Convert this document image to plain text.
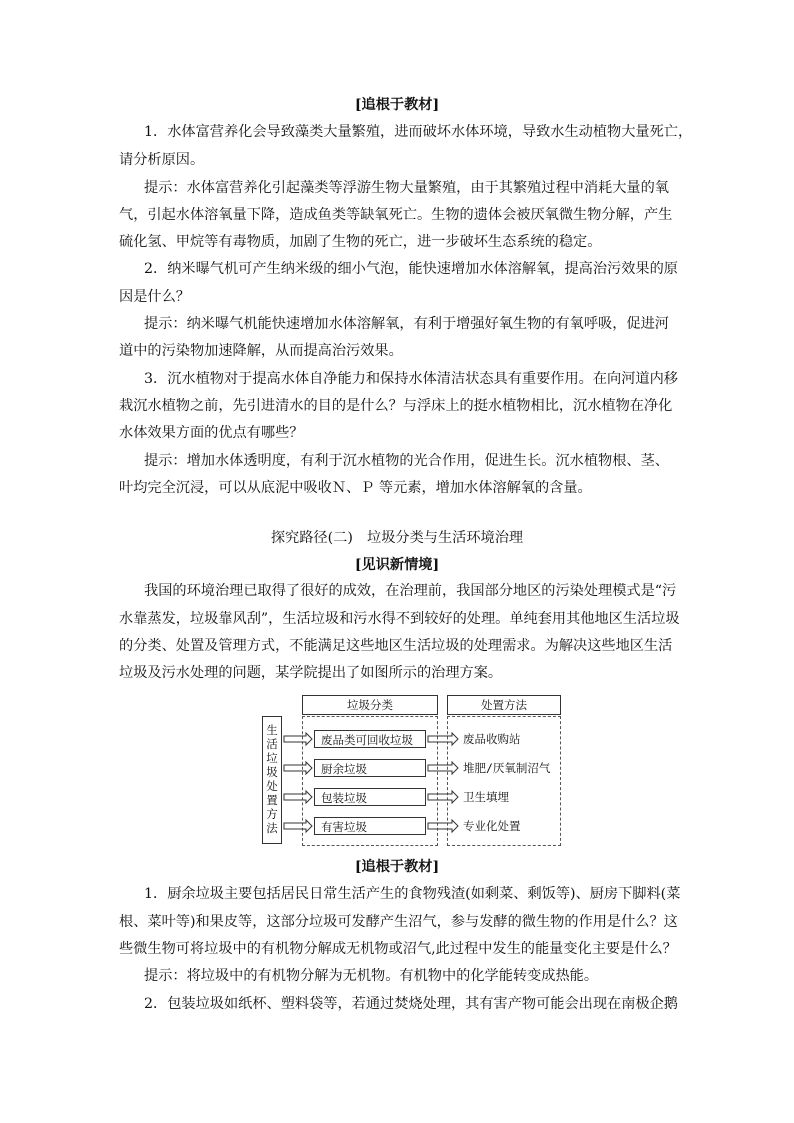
[追根于教材]
1．水体富营养化会导致藻类大量繁殖，进而破坏水体环境，导致水生动植物大量死亡，
请分析原因。
提示：水体富营养化引起藻类等浮游生物大量繁殖，由于其繁殖过程中消耗大量的氧
气，引起水体溶氧量下降，造成鱼类等缺氧死亡。生物的遗体会被厌氧微生物分解，产生
硫化氢、甲烷等有毒物质，加剧了生物的死亡，进一步破坏生态系统的稳定。
2．纳米曝气机可产生纳米级的细小气泡，能快速增加水体溶解氧，提高治污效果的原
因是什么？
提示：纳米曝气机能快速增加水体溶解氧，有利于增强好氧生物的有氧呼吸，促进河
道中的污染物加速降解，从而提高治污效果。
3．沉水植物对于提高水体自净能力和保持水体清洁状态具有重要作用。在向河道内移
栽沉水植物之前，先引进清水的目的是什么？与浮床上的挺水植物相比，沉水植物在净化
水体效果方面的优点有哪些？
提示：增加水体透明度，有利于沉水植物的光合作用，促进生长。沉水植物根、茎、
叶均完全沉浸，可以从底泥中吸收Ｎ、Ｐ 等元素，增加水体溶解氧的含量。
探究路径(二)　垃圾分类与生活环境治理
[见识新情境]
我国的环境治理已取得了很好的成效，在治理前，我国部分地区的污染处理模式是“污
水靠蒸发，垃圾靠风刮”，生活垃圾和污水得不到较好的处理。单纯套用其他地区生活垃圾
的分类、处置及管理方式，不能满足这些地区生活垃圾的处理需求。为解决这些地区生活
垃圾及污水处理的问题，某学院提出了如图所示的治理方案。
生
活
垃
圾
处
置
方
法
垃圾分类	处置方法
废品类可回收垃圾
厨余垃圾
包装垃圾
有害垃圾
废品收购站
堆肥/厌氧制沼气
卫生填埋
专业化处置
[追根于教材]
1．厨余垃圾主要包括居民日常生活产生的食物残渣(如剩菜、剩饭等)、厨房下脚料(菜
根、菜叶等)和果皮等，这部分垃圾可发酵产生沼气，参与发酵的微生物的作用是什么？这
些微生物可将垃圾中的有机物分解成无机物或沼气,此过程中发生的能量变化主要是什么？
提示：将垃圾中的有机物分解为无机物。有机物中的化学能转变成热能。
2．包装垃圾如纸杯、塑料袋等，若通过焚烧处理，其有害产物可能会出现在南极企鹅
